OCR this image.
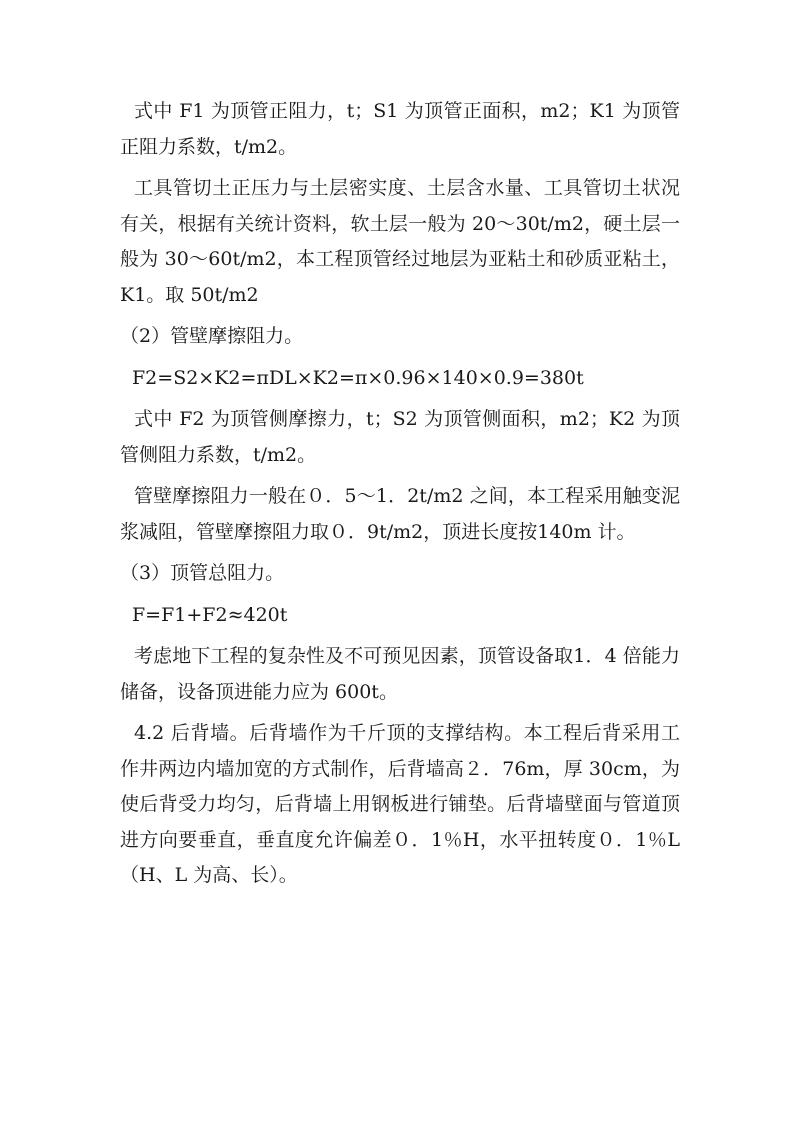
式中 F1 为顶管正阻力，t；S1 为顶管正面积，m2；K1 为顶管正阻力系数，t/m2。

工具管切土正压力与土层密实度、土层含水量、工具管切土状况有关，根据有关统计资料，软土层一般为 20～30t/m2，硬土层一般为 30～60t/m2，本工程顶管经过地层为亚粘土和砂质亚粘土，K1。取 50t/m2

（2）管壁摩擦阻力。

F2=S2×K2=πDL×K2=π×0.96×140×0.9=380t

式中 F2 为顶管侧摩擦力，t；S2 为顶管侧面积，m2；K2 为顶管侧阻力系数，t/m2。

管壁摩擦阻力一般在０．5～1．2t/m2 之间，本工程采用触变泥浆减阻，管壁摩擦阻力取０．9t/m2，顶进长度按140m 计。

（3）顶管总阻力。

F=F1+F2≈420t

考虑地下工程的复杂性及不可预见因素，顶管设备取1．4 倍能力储备，设备顶进能力应为 600t。

4.2 后背墙。后背墙作为千斤顶的支撑结构。本工程后背采用工作井两边内墙加宽的方式制作，后背墙高２．76m，厚 30cm，为使后背受力均匀，后背墙上用钢板进行铺垫。后背墙壁面与管道顶进方向要垂直，垂直度允许偏差０．1％H，水平扭转度０．1％L（H、L 为高、长）。
